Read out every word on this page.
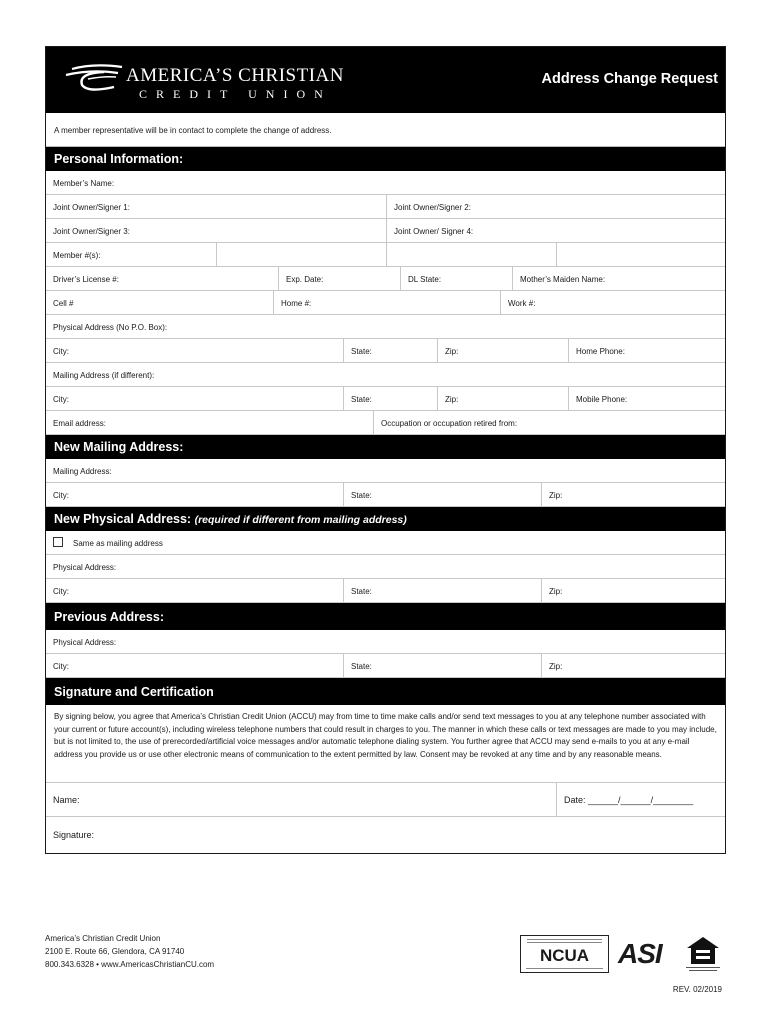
AMERICA’S CHRISTIAN
CREDIT UNION
Address Change Request
A member representative will be in contact to complete the change of address.
Personal Information:
Member’s Name:
Joint Owner/Signer 1:	Joint Owner/Signer 2:
Joint Owner/Signer 3:	Joint Owner/ Signer 4:
Member #(s):
Driver’s License #:	Exp. Date:	DL State:	Mother’s Maiden Name:
Cell #	Home #:	Work #:
Physical Address (No P.O. Box):
City:	State:	Zip:	Home Phone:
Mailing Address (if different):
City:	State:	Zip:	Mobile Phone:
Email address:	Occupation or occupation retired from:
New Mailing Address:
Mailing Address:
City:	State:	Zip:
New Physical Address: (required if different from mailing address)
Same as mailing address
Physical Address:
City:	State:	Zip:
Previous Address:
Physical Address:
City:	State:	Zip:
Signature and Certification
By signing below, you agree that America’s Christian Credit Union (ACCU) may from time to time make calls and/or send text messages to you at any telephone number associated with your current or future account(s), including wireless telephone numbers that could result in charges to you. The manner in which these calls or text messages are made to you may include, but is not limited to, the use of prerecorded/artificial voice messages and/or automatic telephone dialing system. You further agree that ACCU may send e-mails to you at any e-mail address you provide us or use other electronic means of communication to the extent permitted by law. Consent may be revoked at any time and by any reasonable means.
Name:	Date: ______/______/________
Signature:
America’s Christian Credit Union
2100 E. Route 66, Glendora, CA 91740
800.343.6328 • www.AmericasChristianCU.com	NCUA	ASI
REV. 02/2019
